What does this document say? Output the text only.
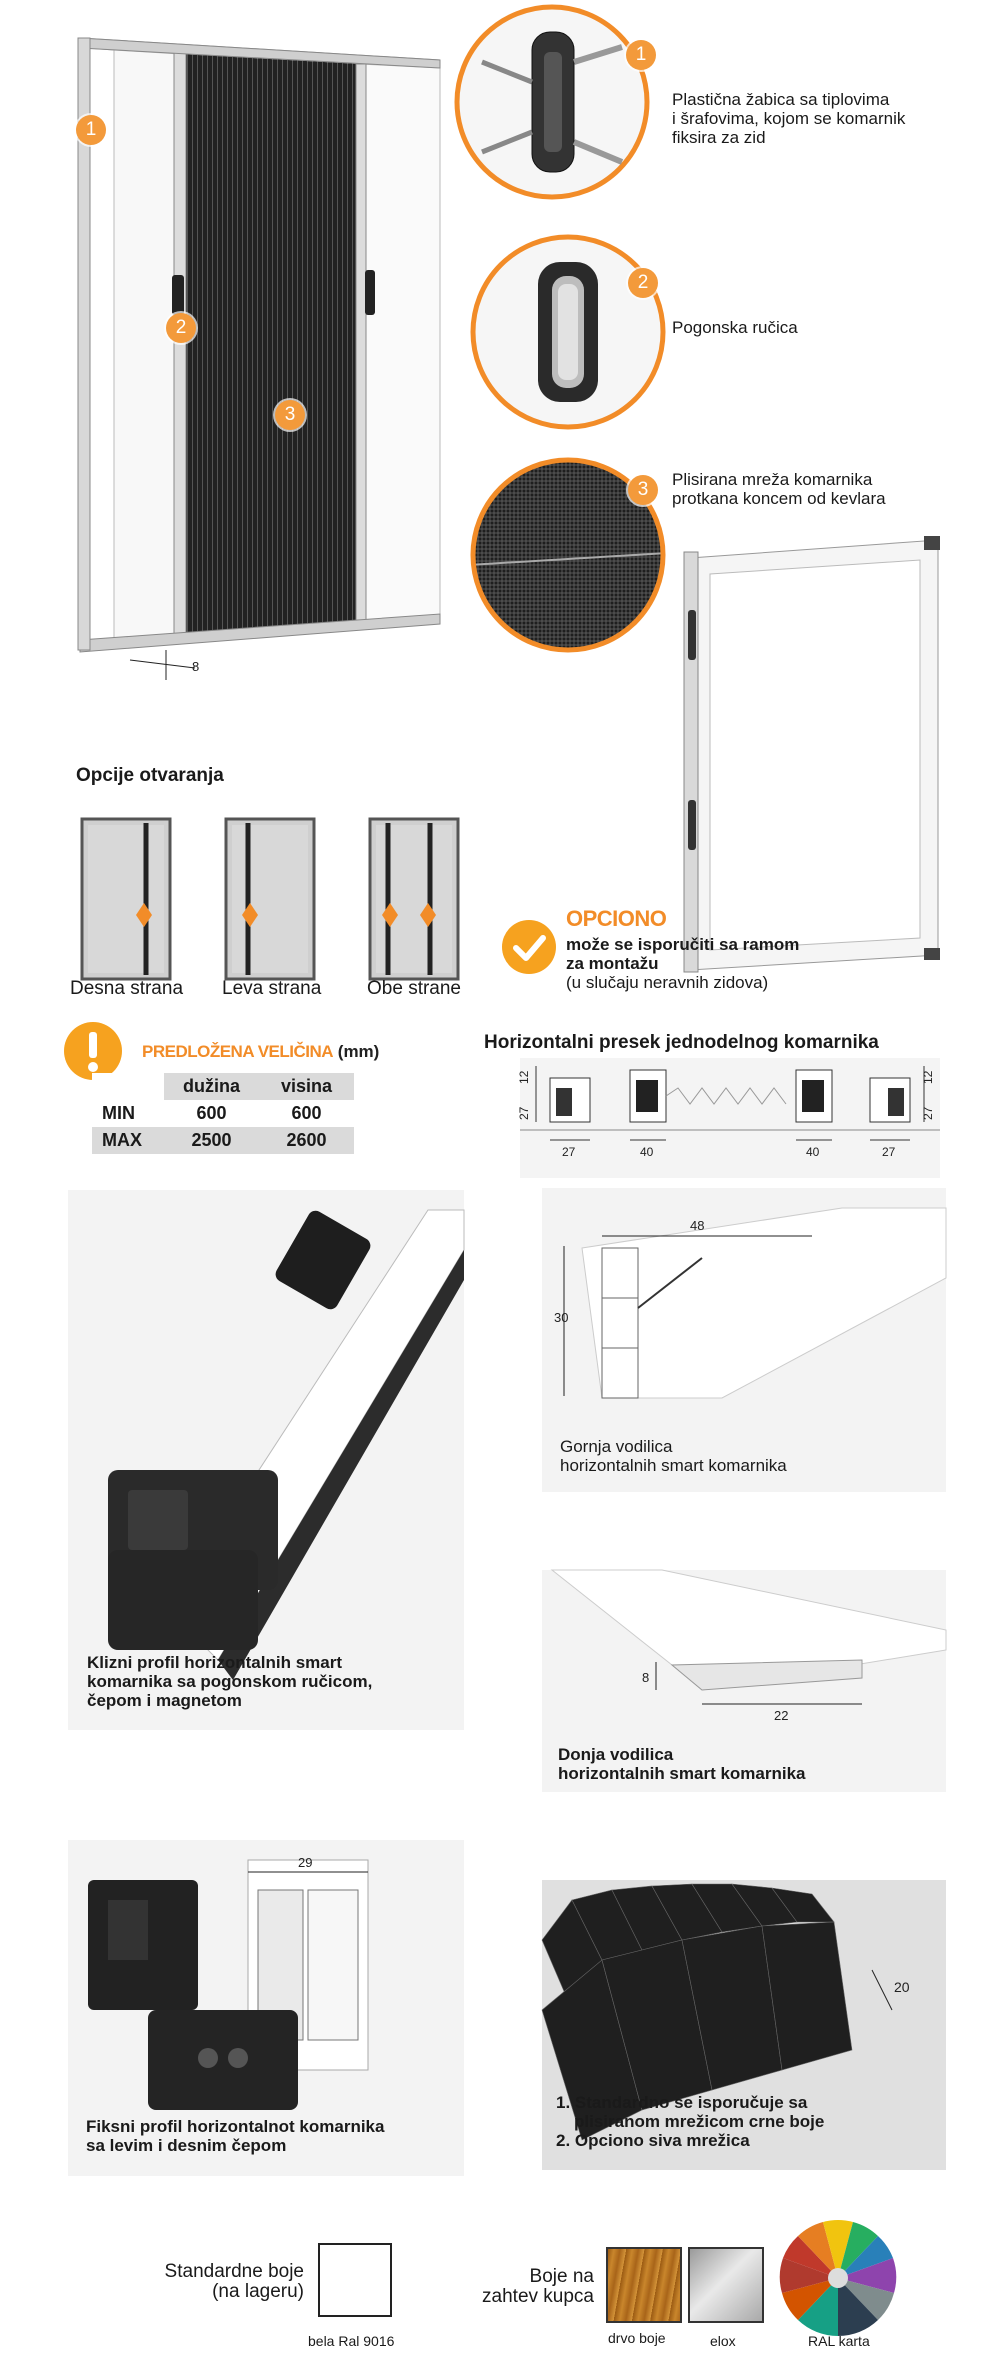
8
1
2
3
1
Plastična žabica sa tiplovima
i šrafovima, kojom se komarnik
fiksira za zid
2
Pogonska ručica
3	Plisirana mreža komarnika
protkana koncem od kevlara
Opcije otvaranja
Desna strana Leva strana Obe strane
OPCIONO
može se isporučiti sa ramom
za montažu
(u slučaju neravnih zidova)
PREDLOŽENA VELIČINA (mm)
	dužina	visina
MIN	600	600
MAX	2500	2600
Horizontalni presek jednodelnog komarnika
12
27
12
27
27	40	40	27
Klizni profil horizontalnih smart
komarnika sa pogonskom ručicom,
čepom i magnetom
30
48
Gornja vodilica
horizontalnih smart komarnika
8
22
Donja vodilica
horizontalnih smart komarnika
29
Fiksni profil horizontalnot komarnika
sa levim i desnim čepom
20
1. Standardno se isporučuje sa
plisiranom mrežicom crne boje
2. Opciono siva mrežica
Standardne boje
(na lageru)
bela Ral 9016
Boje na
zahtev kupca
drvo boje	elox	RAL karta
